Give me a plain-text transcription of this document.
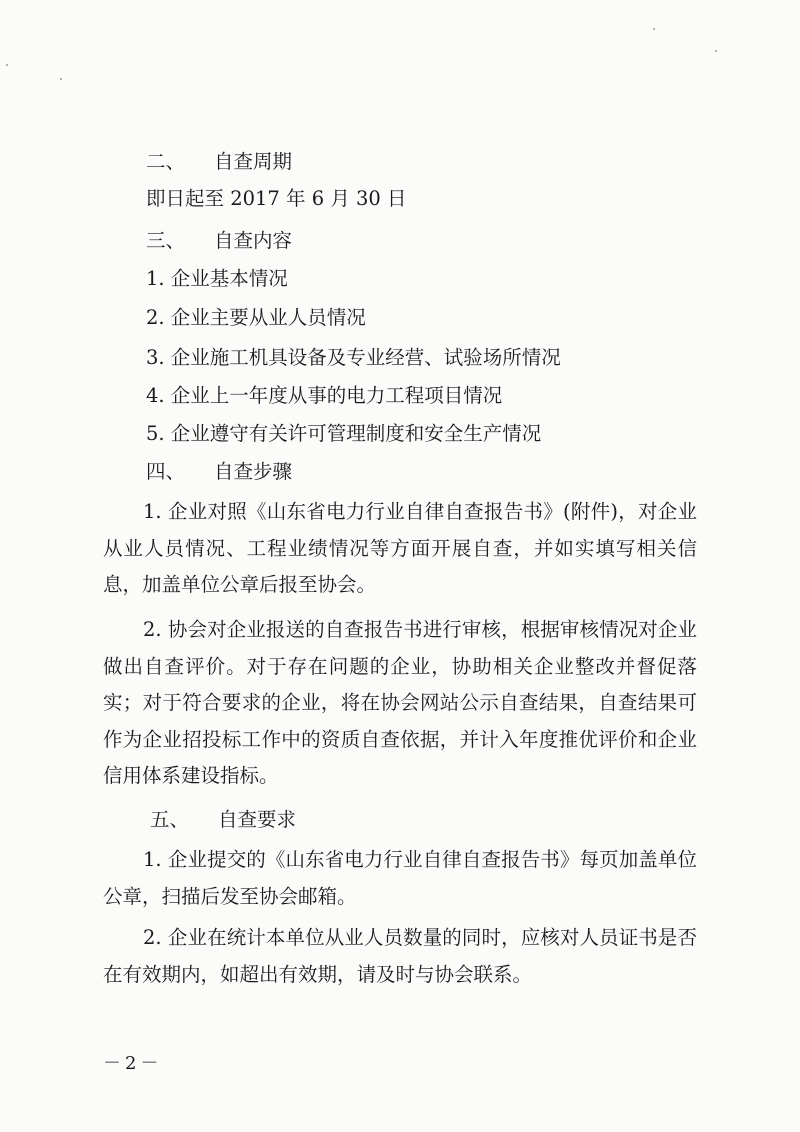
二、 自查周期
即日起至 2017 年 6 月 30 日
三、 自查内容
1. 企业基本情况
2. 企业主要从业人员情况
3. 企业施工机具设备及专业经营、试验场所情况
4. 企业上一年度从事的电力工程项目情况
5. 企业遵守有关许可管理制度和安全生产情况
四、 自查步骤
1. 企业对照《山东省电力行业自律自查报告书》(附件)，对企业从业人员情况、工程业绩情况等方面开展自查，并如实填写相关信息，加盖单位公章后报至协会。
2. 协会对企业报送的自查报告书进行审核，根据审核情况对企业做出自查评价。对于存在问题的企业，协助相关企业整改并督促落实；对于符合要求的企业，将在协会网站公示自查结果，自查结果可作为企业招投标工作中的资质自查依据，并计入年度推优评价和企业信用体系建设指标。
五、 自查要求
1. 企业提交的《山东省电力行业自律自查报告书》每页加盖单位公章，扫描后发至协会邮箱。
2. 企业在统计本单位从业人员数量的同时，应核对人员证书是否在有效期内，如超出有效期，请及时与协会联系。
－2－
